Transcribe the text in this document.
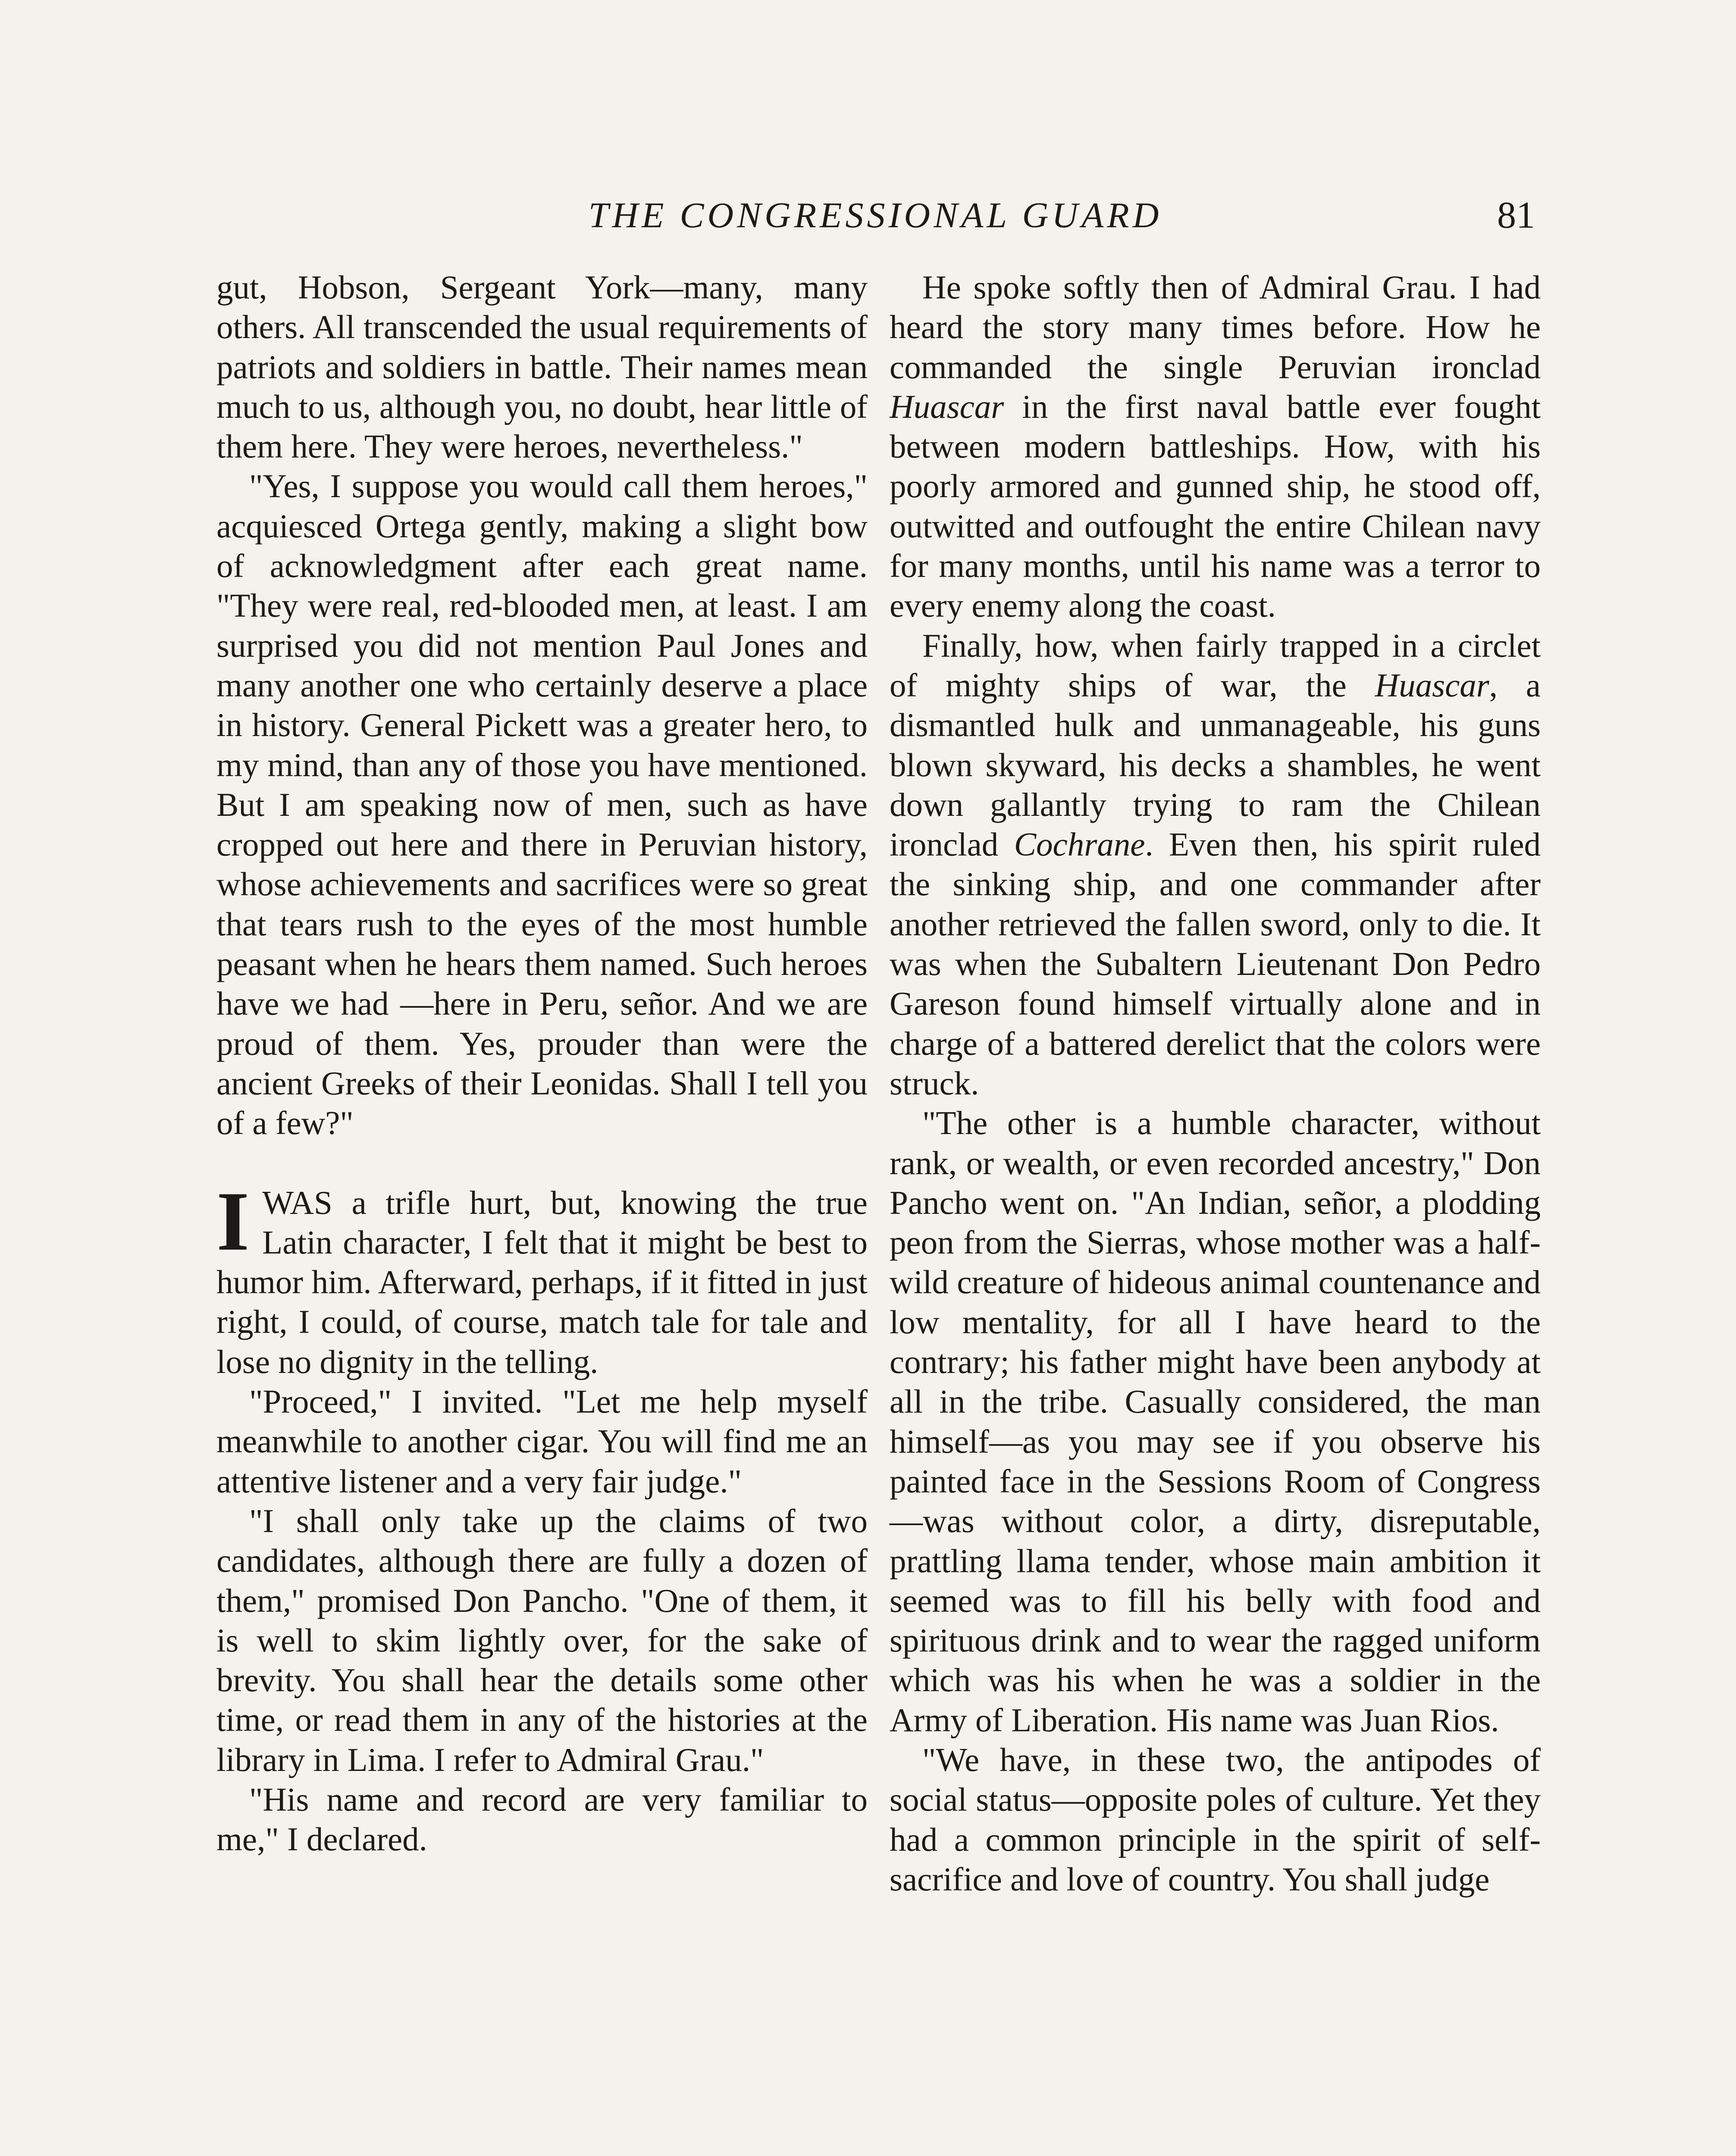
THE CONGRESSIONAL GUARD	81

gut, Hobson, Sergeant York—many, many others. All transcended the usual requirements of patriots and soldiers in battle. Their names mean much to us, although you, no doubt, hear little of them here. They were heroes, nevertheless."

"Yes, I suppose you would call them heroes," acquiesced Ortega gently, making a slight bow of acknowledgment after each great name. "They were real, red-blooded men, at least. I am surprised you did not mention Paul Jones and many another one who certainly deserve a place in history. General Pickett was a greater hero, to my mind, than any of those you have mentioned. But I am speaking now of men, such as have cropped out here and there in Peruvian history, whose achievements and sacrifices were so great that tears rush to the eyes of the most humble peasant when he hears them named. Such heroes have we had —here in Peru, señor. And we are proud of them. Yes, prouder than were the ancient Greeks of their Leonidas. Shall I tell you of a few?"

I WAS a trifle hurt, but, knowing the true Latin character, I felt that it might be best to humor him. Afterward, perhaps, if it fitted in just right, I could, of course, match tale for tale and lose no dignity in the telling.

"Proceed," I invited. "Let me help myself meanwhile to another cigar. You will find me an attentive listener and a very fair judge."

"I shall only take up the claims of two candidates, although there are fully a dozen of them," promised Don Pancho. "One of them, it is well to skim lightly over, for the sake of brevity. You shall hear the details some other time, or read them in any of the histories at the library in Lima. I refer to Admiral Grau."

"His name and record are very familiar to me," I declared.

He spoke softly then of Admiral Grau. I had heard the story many times before. How he commanded the single Peruvian ironclad Huascar in the first naval battle ever fought between modern battleships. How, with his poorly armored and gunned ship, he stood off, outwitted and outfought the entire Chilean navy for many months, until his name was a terror to every enemy along the coast.

Finally, how, when fairly trapped in a circlet of mighty ships of war, the Huascar, a dismantled hulk and unmanageable, his guns blown skyward, his decks a shambles, he went down gallantly trying to ram the Chilean ironclad Cochrane. Even then, his spirit ruled the sinking ship, and one commander after another retrieved the fallen sword, only to die. It was when the Subaltern Lieutenant Don Pedro Gareson found himself virtually alone and in charge of a battered derelict that the colors were struck.

"The other is a humble character, without rank, or wealth, or even recorded ancestry," Don Pancho went on. "An Indian, señor, a plodding peon from the Sierras, whose mother was a half-wild creature of hideous animal countenance and low mentality, for all I have heard to the contrary; his father might have been anybody at all in the tribe. Casually considered, the man himself—as you may see if you observe his painted face in the Sessions Room of Congress—was without color, a dirty, disreputable, prattling llama tender, whose main ambition it seemed was to fill his belly with food and spirituous drink and to wear the ragged uniform which was his when he was a soldier in the Army of Liberation. His name was Juan Rios.

"We have, in these two, the antipodes of social status—opposite poles of culture. Yet they had a common principle in the spirit of self-sacrifice and love of country. You shall judge
